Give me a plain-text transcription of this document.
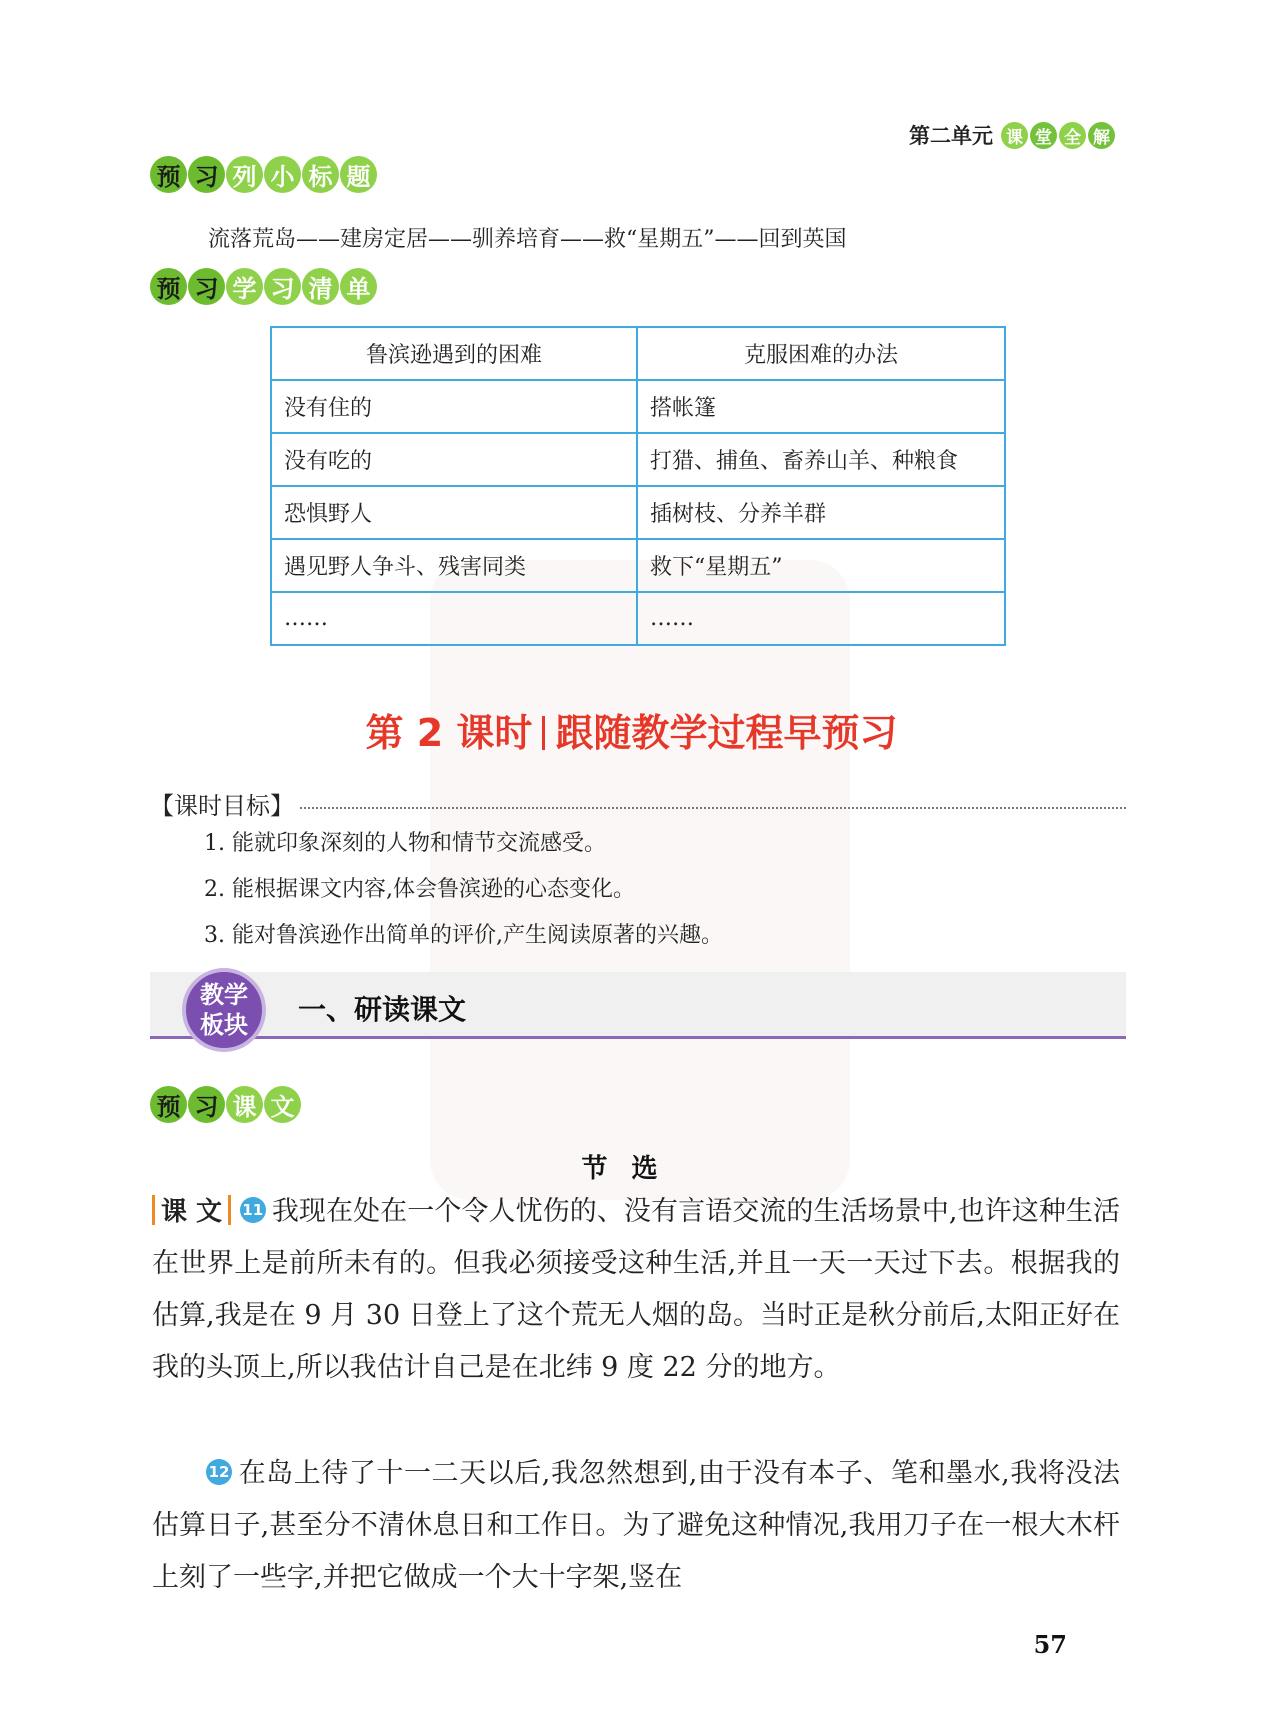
第二单元 课 堂 全 解
预 习 列 小 标 题
流落荒岛——建房定居——驯养培育——救“星期五”——回到英国
预 习 学 习 清 单
鲁滨逊遇到的困难	克服困难的办法
没有住的	搭帐篷
没有吃的	打猎、捕鱼、畜养山羊、种粮食
恐惧野人	插树枝、分养羊群
遇见野人争斗、残害同类	救下“星期五”
……	……
第 2 课时 跟随教学过程早预习
【课时目标】
1. 能就印象深刻的人物和情节交流感受。
2. 能根据课文内容,体会鲁滨逊的心态变化。
3. 能对鲁滨逊作出简单的评价,产生阅读原著的兴趣。
教学
板块 一、研读课文
预 习 课 文
节选
课 文 11 我现在处在一个令人忧伤的、没有言语交流的生活场景中,也许这种生活在世界上是前所未有的。但我必须接受这种生活,并且一天一天过下去。根据我的估算,我是在 9 月 30 日登上了这个荒无人烟的岛。当时正是秋分前后,太阳正好在我的头顶上,所以我估计自己是在北纬 9 度 22 分的地方。
12 在岛上待了十一二天以后,我忽然想到,由于没有本子、笔和墨水,我将没法估算日子,甚至分不清休息日和工作日。为了避免这种情况,我用刀子在一根大木杆上刻了一些字,并把它做成一个大十字架,竖在
57
